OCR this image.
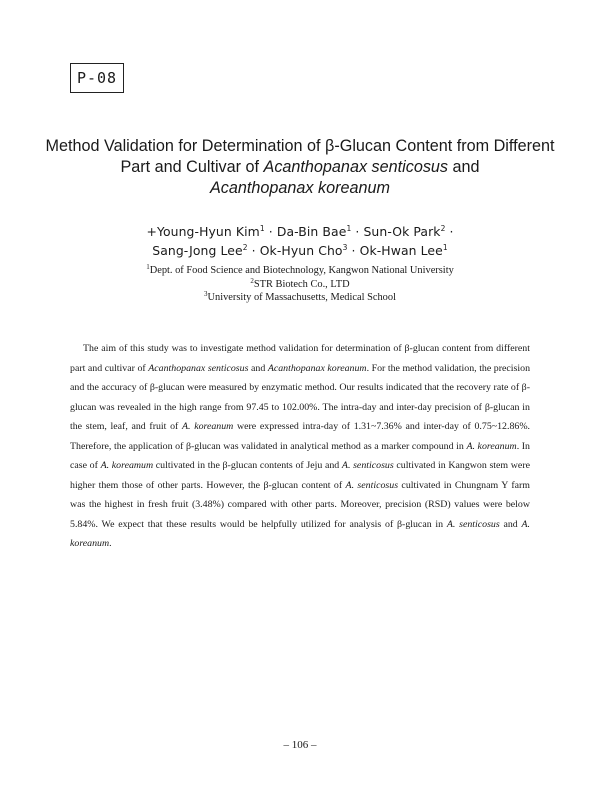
P-08
Method Validation for Determination of β-Glucan Content from Different Part and Cultivar of Acanthopanax senticosus and
Acanthopanax koreanum
+Young-Hyun Kim$^1$ · Da-Bin Bae$^1$ · Sun-Ok Park$^2$ ·
Sang-Jong Lee$^2$ · Ok-Hyun Cho$^3$ · Ok-Hwan Lee$^1$
$^1$Dept. of Food Science and Biotechnology, Kangwon National University
$^2$STR Biotech Co., LTD
$^3$University of Massachusetts, Medical School

The aim of this study was to investigate method validation for determination of β-glucan content from different part and cultivar of Acanthopanax senticosus and Acanthopanax koreanum. For the method validation, the precision and the accuracy of β-glucan were measured by enzymatic method. Our results indicated that the recovery rate of β-glucan was revealed in the high range from 97.45 to 102.00%. The intra-day and inter-day precision of β-glucan in the stem, leaf, and fruit of A. koreanum were expressed intra-day of 1.31~7.36% and inter-day of 0.75~12.86%. Therefore, the application of β-glucan was validated in analytical method as a marker compound in A. koreanum. In case of A. koreamum cultivated in the β-glucan contents of Jeju and A. senticosus cultivated in Kangwon stem were higher them those of other parts. However, the β-glucan content of A. senticosus cultivated in Chungnam Y farm was the highest in fresh fruit (3.48%) compared with other parts. Moreover, precision (RSD) values were below 5.84%. We expect that these results would be helpfully utilized for analysis of β-glucan in A. senticosus and A. koreanum.

– 106 –
